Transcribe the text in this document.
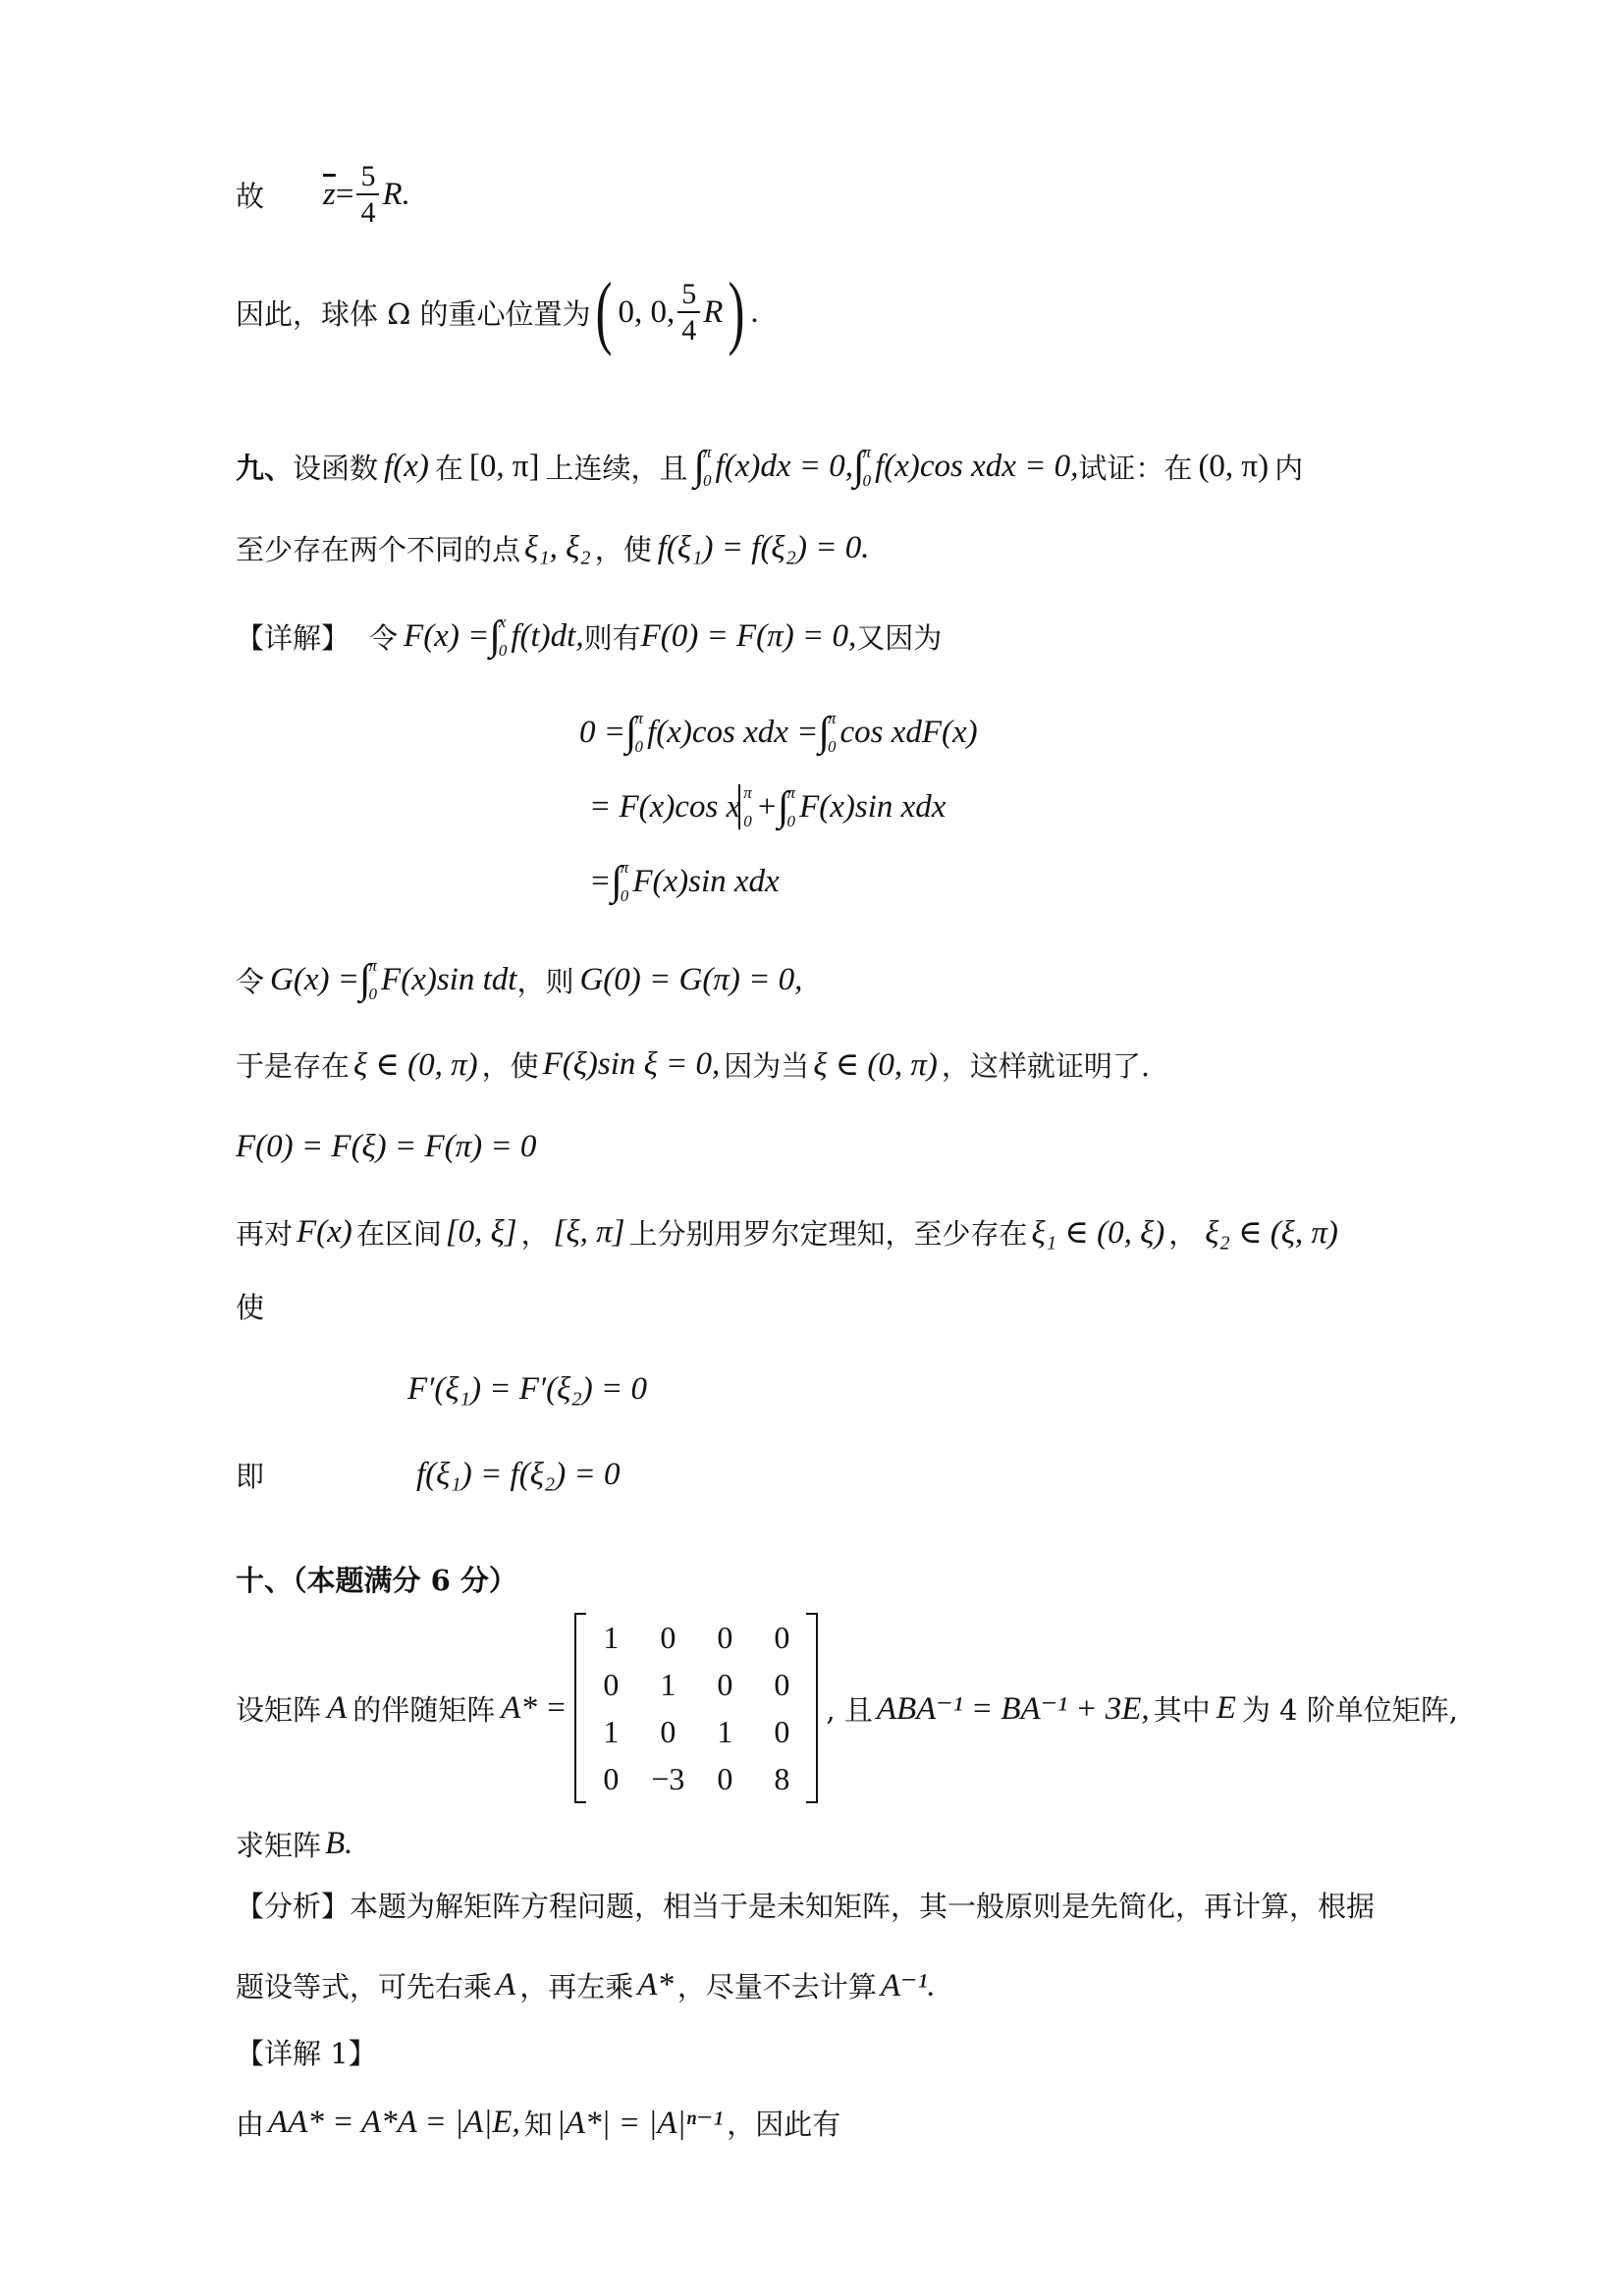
故 $\overline{z} = \frac{5}{4} R$.
因此，球体 Ω 的重心位置为 ( 0, 0, $\frac{5}{4}$ R ) .
九、 设函数 f(x) 在 [0, π] 上连续，且 ∫
π
0 f(x)dx = 0, ∫
π
0 f(x)cos xdx = 0, 试证：在 (0, π) 内
至少存在两个不同的点 ξ₁, ξ₂ ，使 f(ξ₁) = f(ξ₂) = 0.
【详解】 令 F(x) = ∫
x
0 f(t)dt, 则有 F(0) = F(π) = 0, 又因为
0 = ∫
π
0 f(x)cos xdx = ∫
π
0 cos xdF(x)
= F(x)cos x π
0 + ∫
π
0 F(x)sin xdx
= ∫
π
0 F(x)sin xdx
令 G(x) = ∫
π
0 F(x)sin tdt ，则 G(0) = G(π) = 0,
于是存在 ξ ∈ (0, π) ，使 F(ξ)sin ξ = 0, 因为当 ξ ∈ (0, π) ，这样就证明了.
F(0) = F(ξ) = F(π) = 0
再对 F(x) 在区间 [0, ξ] ， [ξ, π] 上分别用罗尔定理知，至少存在 ξ₁ ∈ (0, ξ) ， ξ₂ ∈ (ξ, π)
使
F′(ξ₁) = F′(ξ₂) = 0
即	f(ξ₁) = f(ξ₂) = 0
十、（本题满分 6 分）
设矩阵 A 的伴随矩阵 A* =
1	0	0	0
0	1	0	0
1	0	1	0
0	−3	0	8
, 且 ABA⁻¹ = BA⁻¹ + 3E, 其中 E 为 4 阶单位矩阵,
求矩阵 B.
【分析】 本题为解矩阵方程问题，相当于是未知矩阵，其一般原则是先简化，再计算，根据
题设等式，可先右乘 A ，再左乘 A* ，尽量不去计算 A⁻¹.
【详解 1】
由 AA* = A*A = |A|E, 知 |A*| = |A|ⁿ⁻¹ ，因此有
